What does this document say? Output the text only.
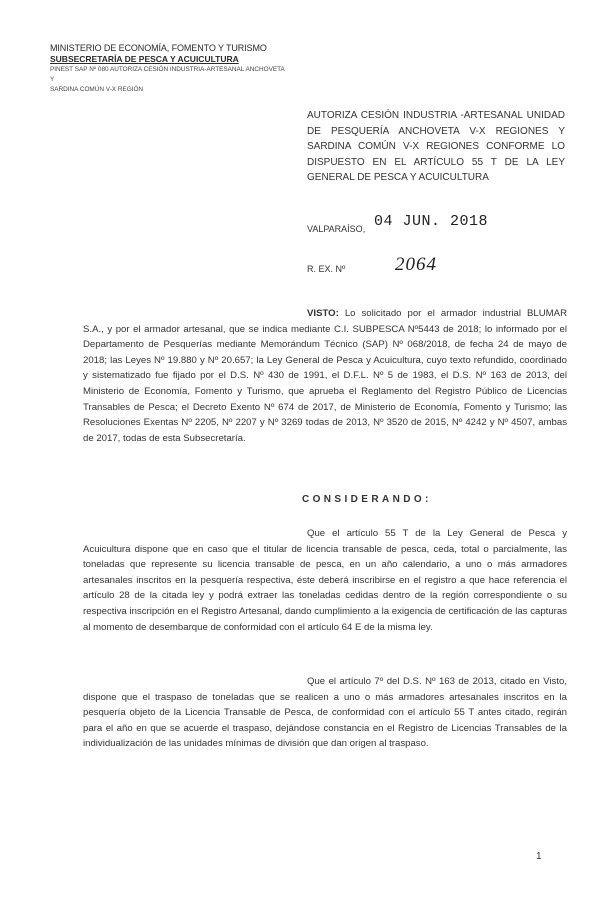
MINISTERIO DE ECONOMÍA, FOMENTO Y TURISMO
SUBSECRETARÍA DE PESCA Y ACUICULTURA
PINEST SAP Nº 080 AUTORIZA CESIÓN INDUSTRIA-ARTESANAL ANCHOVETA Y
SARDINA COMÚN V-X REGIÓN
AUTORIZA CESIÓN INDUSTRIA -ARTESANAL UNIDAD DE PESQUERÍA ANCHOVETA V-X REGIONES Y SARDINA COMÚN V-X REGIONES CONFORME LO DISPUESTO EN EL ARTÍCULO 55 T DE LA LEY GENERAL DE PESCA Y ACUICULTURA
VALPARAÍSO, 04 JUN. 2018
R. EX. Nº	2064
VISTO: Lo solicitado por el armador industrial BLUMAR S.A., y por el armador artesanal, que se indica mediante C.I. SUBPESCA Nº5443 de 2018; lo informado por el Departamento de Pesquerías mediante Memorándum Técnico (SAP) Nº 068/2018, de fecha 24 de mayo de 2018; las Leyes Nº 19.880 y Nº 20.657; la Ley General de Pesca y Acuicultura, cuyo texto refundido, coordinado y sistematizado fue fijado por el D.S. Nº 430 de 1991, el D.F.L. Nº 5 de 1983, el D.S. Nº 163 de 2013, del Ministerio de Economía, Fomento y Turismo, que aprueba el Reglamento del Registro Público de Licencias Transables de Pesca; el Decreto Exento Nº 674 de 2017, de Ministerio de Economía, Fomento y Turismo; las Resoluciones Exentas Nº 2205, Nº 2207 y Nº 3269 todas de 2013, Nº 3520 de 2015, Nº 4242 y Nº 4507, ambas de 2017, todas de esta Subsecretaría.
CONSIDERANDO:
Que el artículo 55 T de la Ley General de Pesca y Acuicultura dispone que en caso que el titular de licencia transable de pesca, ceda, total o parcialmente, las toneladas que represente su licencia transable de pesca, en un año calendario, a uno o más armadores artesanales inscritos en la pesquería respectiva, éste deberá inscribirse en el registro a que hace referencia el artículo 28 de la citada ley y podrá extraer las toneladas cedidas dentro de la región correspondiente o su respectiva inscripción en el Registro Artesanal, dando cumplimiento a la exigencia de certificación de las capturas al momento de desembarque de conformidad con el artículo 64 E de la misma ley.
Que el artículo 7º del D.S. Nº 163 de 2013, citado en Visto, dispone que el traspaso de toneladas que se realicen a uno o más armadores artesanales inscritos en la pesquería objeto de la Licencia Transable de Pesca, de conformidad con el artículo 55 T antes citado, regirán para el año en que se acuerde el traspaso, dejándose constancia en el Registro de Licencias Transables de la individualización de las unidades mínimas de división que dan origen al traspaso.
1
